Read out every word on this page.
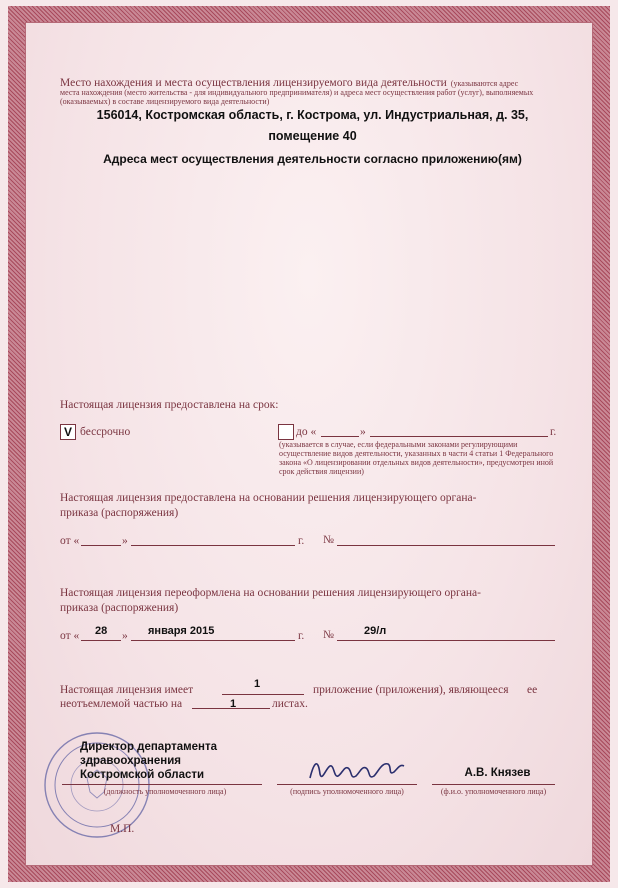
Место нахождения и места осуществления лицензируемого вида деятельности (указываются адрес
места нахождения (место жительства - для индивидуального предпринимателя) и адреса мест осуществления работ (услуг), выполняемых
(оказываемых) в составе лицензируемого вида деятельности)
156014, Костромская область, г. Кострома, ул. Индустриальная, д. 35,
помещение 40
Адреса мест осуществления деятельности согласно приложению(ям)
Настоящая лицензия предоставлена на срок:
V бессрочно	до «	»	г.
(указывается в случае, если федеральными законами регулирующими
осуществление видов деятельности, указанных в части 4 статьи 1 Федерального
закона «О лицензировании отдельных видов деятельности», предусмотрен иной
срок действия лицензии)
Настоящая лицензия предоставлена на основании решения лицензирующего органа-
приказа (распоряжения)
от «	»	г. №
Настоящая лицензия переоформлена на основании решения лицензирующего органа-
приказа (распоряжения)
от « 28 » января 2015	г. №	29/л
Настоящая лицензия имеет	1	приложение (приложения), являющееся ее
неотъемлемой частью на	1	листах.
Директор департамента
здравоохранения
Костромской области
(должность уполномоченного лица)	(подпись уполномоченного лица)
А.В. Князев
(ф.и.о. уполномоченного лица)
М.П.
